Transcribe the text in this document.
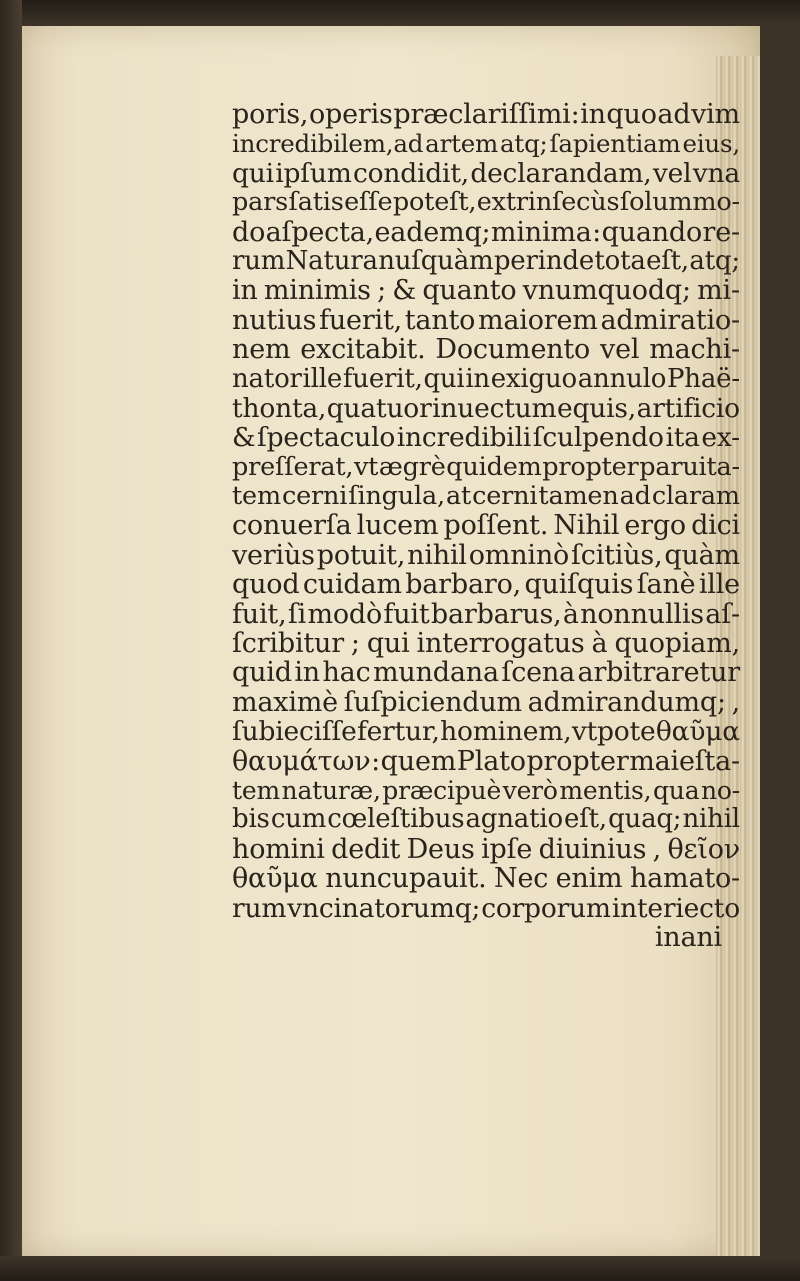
poris, operis præclariſſimi: in quo ad vim
incredibilem,ad artem atq; ſapientiam eius,
qui ipſum condidit, declarandam, vel vna
pars ſatis eſſe poteſt, extrinſecùs ſolummo-
do aſpecta, eademq; minima : quando re-
rum Natura nuſquàm perinde tota eſt, atq;
in minimis ; & quanto vnumquodq; mi-
nutius fuerit, tanto maiorem admiratio-
nem excitabit. Documento vel machi-
nator ille fuerit, qui in exiguo annulo Phaë-
thonta, quatuor inuectum equis, artificio
& ſpectaculo incredibili ſculpendo ita ex-
preſſerat, vt ægrè quidem propter paruita-
tem cerni ſingula, at cerni tamen ad claram
conuerſa lucem poſſent. Nihil ergo dici
veriùs potuit, nihil omninò ſcitiùs, quàm
quod cuidam barbaro, quiſquis ſanè ille
fuit, ſi modò fuit barbarus, à nonnullis aſ-
ſcribitur ; qui interrogatus à quopiam,
quid in hac mundana ſcena arbitraretur
maximè ſuſpiciendum admirandumq; ,
ſubieciſſe fertur, hominem, vtpote θαῦμα
θαυμάτων : quem Plato propter maieſta-
tem naturæ, præcipuè verò mentis, qua no-
bis cum cœleſtibus agnatio eſt, quaq; nihil
homini dedit Deus ipſe diuinius , θεῖον
θαῦμα nuncupauit. Nec enim hamato-
rum vncinatorumq; corporum interiecto
inani
